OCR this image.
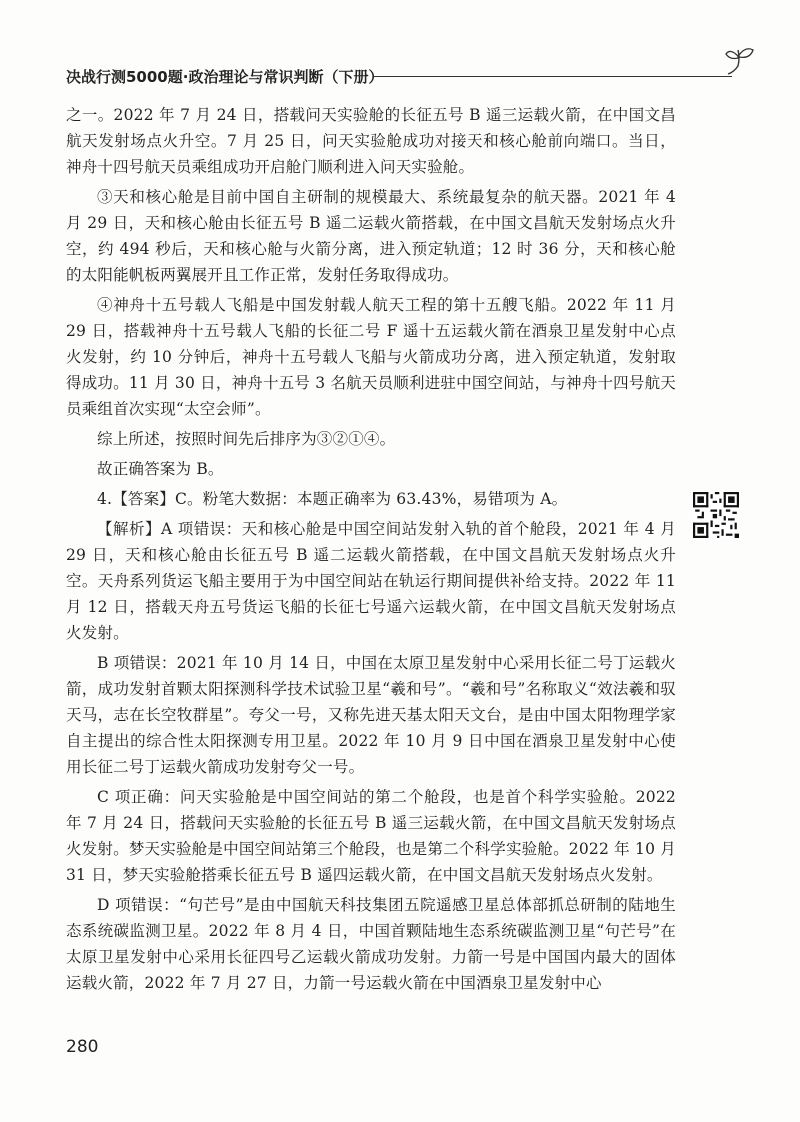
决战行测5000题·政治理论与常识判断（下册）

之一。2022 年 7 月 24 日，搭载问天实验舱的长征五号 B 遥三运载火箭，在中国文昌航天发射场点火升空。7 月 25 日，问天实验舱成功对接天和核心舱前向端口。当日，神舟十四号航天员乘组成功开启舱门顺利进入问天实验舱。

③天和核心舱是目前中国自主研制的规模最大、系统最复杂的航天器。2021 年 4 月 29 日，天和核心舱由长征五号 B 遥二运载火箭搭载，在中国文昌航天发射场点火升空，约 494 秒后，天和核心舱与火箭分离，进入预定轨道；12 时 36 分，天和核心舱的太阳能帆板两翼展开且工作正常，发射任务取得成功。

④神舟十五号载人飞船是中国发射载人航天工程的第十五艘飞船。2022 年 11 月 29 日，搭载神舟十五号载人飞船的长征二号 F 遥十五运载火箭在酒泉卫星发射中心点火发射，约 10 分钟后，神舟十五号载人飞船与火箭成功分离，进入预定轨道，发射取得成功。11 月 30 日，神舟十五号 3 名航天员顺利进驻中国空间站，与神舟十四号航天员乘组首次实现“太空会师”。

综上所述，按照时间先后排序为③②①④。

故正确答案为 B。

4.【答案】C。粉笔大数据：本题正确率为 63.43%，易错项为 A。

【解析】A 项错误：天和核心舱是中国空间站发射入轨的首个舱段，2021 年 4 月 29 日，天和核心舱由长征五号 B 遥二运载火箭搭载，在中国文昌航天发射场点火升空。天舟系列货运飞船主要用于为中国空间站在轨运行期间提供补给支持。2022 年 11 月 12 日，搭载天舟五号货运飞船的长征七号遥六运载火箭，在中国文昌航天发射场点火发射。

B 项错误：2021 年 10 月 14 日，中国在太原卫星发射中心采用长征二号丁运载火箭，成功发射首颗太阳探测科学技术试验卫星“羲和号”。“羲和号”名称取义“效法羲和驭天马，志在长空牧群星”。夸父一号，又称先进天基太阳天文台，是由中国太阳物理学家自主提出的综合性太阳探测专用卫星。2022 年 10 月 9 日中国在酒泉卫星发射中心使用长征二号丁运载火箭成功发射夸父一号。

C 项正确：问天实验舱是中国空间站的第二个舱段，也是首个科学实验舱。2022 年 7 月 24 日，搭载问天实验舱的长征五号 B 遥三运载火箭，在中国文昌航天发射场点火发射。梦天实验舱是中国空间站第三个舱段，也是第二个科学实验舱。2022 年 10 月 31 日，梦天实验舱搭乘长征五号 B 遥四运载火箭，在中国文昌航天发射场点火发射。

D 项错误：“句芒号”是由中国航天科技集团五院遥感卫星总体部抓总研制的陆地生态系统碳监测卫星。2022 年 8 月 4 日，中国首颗陆地生态系统碳监测卫星“句芒号”在太原卫星发射中心采用长征四号乙运载火箭成功发射。力箭一号是中国国内最大的固体运载火箭，2022 年 7 月 27 日，力箭一号运载火箭在中国酒泉卫星发射中心

280
